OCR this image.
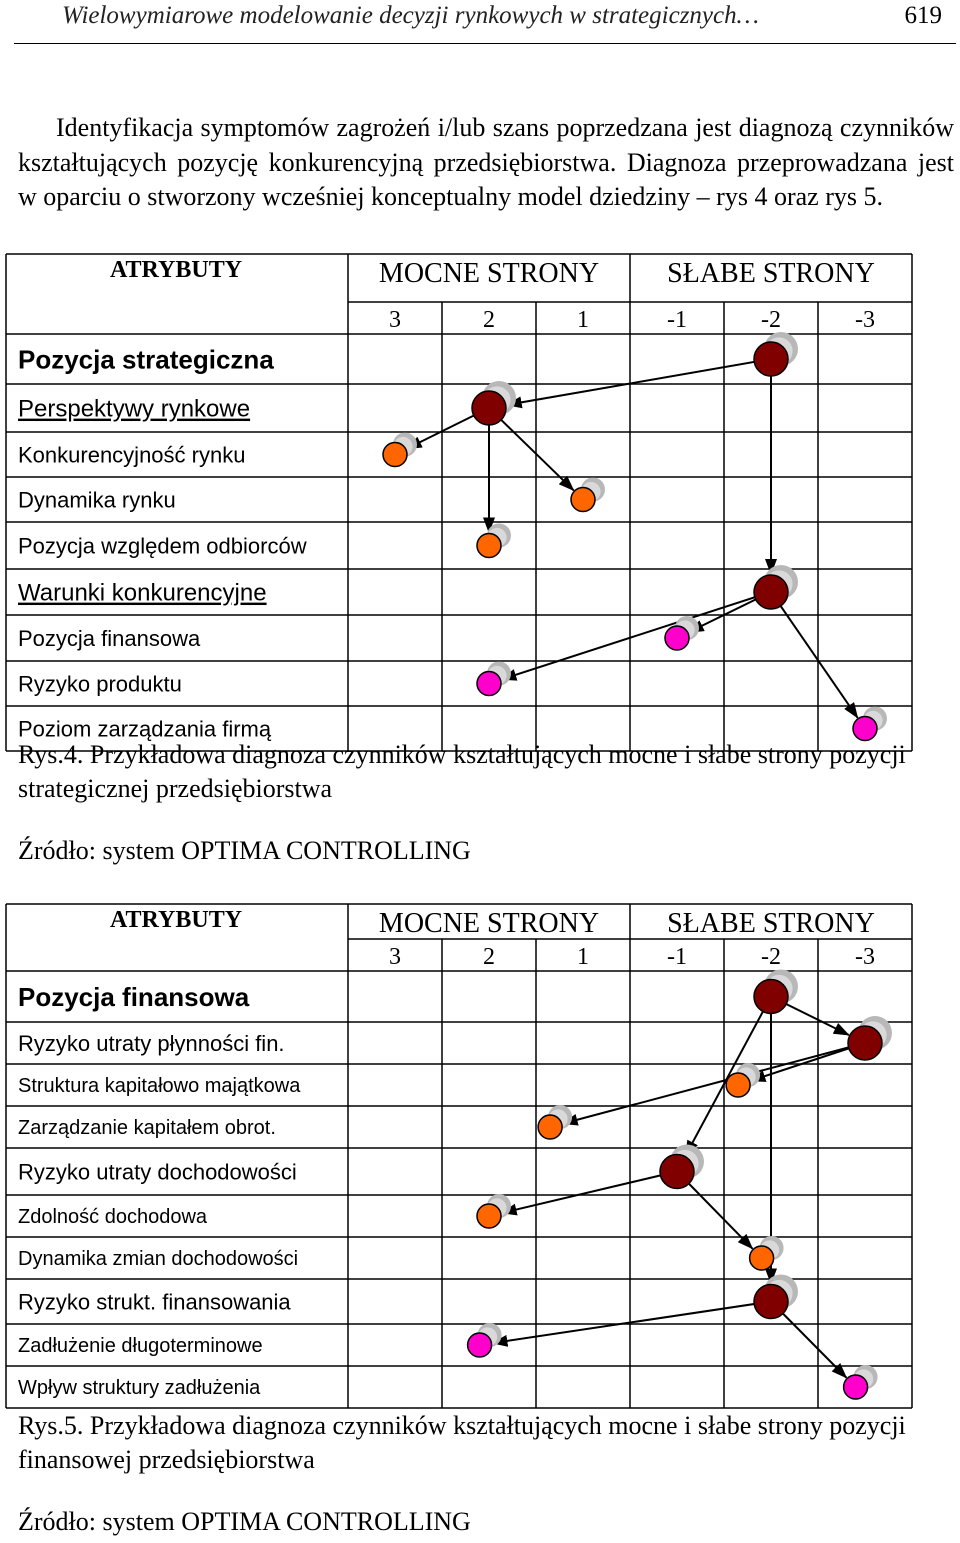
Wielowymiarowe modelowanie decyzji rynkowych w strategicznych…	619
Identyfikacja symptomów zagrożeń i/lub szans poprzedzana jest diagnozą czynników kształtujących pozycję konkurencyjną przedsiębiorstwa. Diagnoza przeprowadzana jest w oparciu o stworzony wcześniej konceptualny model dziedziny – rys 4 oraz rys 5.
ATRYBUTY	MOCNE STRONY SŁABE STRONY
3	2	1	-1	-2	-3
Pozycja strategiczna
Perspektywy rynkowe
Konkurencyjność rynku
Dynamika rynku
Pozycja względem odbiorców
Warunki konkurencyjne
Pozycja finansowa
Ryzyko produktu
Poziom zarządzania firmą
Rys.4. Przykładowa diagnoza czynników kształtujących mocne i słabe strony pozycji strategicznej przedsiębiorstwa
Źródło: system OPTIMA CONTROLLING
ATRYBUTY	MOCNE STRONY SŁABE STRONY
3	2	1	-1	-2	-3
Pozycja finansowa
Ryzyko utraty płynności fin.
Struktura kapitałowo majątkowa
Zarządzanie kapitałem obrot.
Ryzyko utraty dochodowości
Zdolność dochodowa
Dynamika zmian dochodowości
Ryzyko strukt. finansowania
Zadłużenie długoterminowe
Wpływ struktury zadłużenia
Rys.5. Przykładowa diagnoza czynników kształtujących mocne i słabe strony pozycji finansowej przedsiębiorstwa
Źródło: system OPTIMA CONTROLLING
